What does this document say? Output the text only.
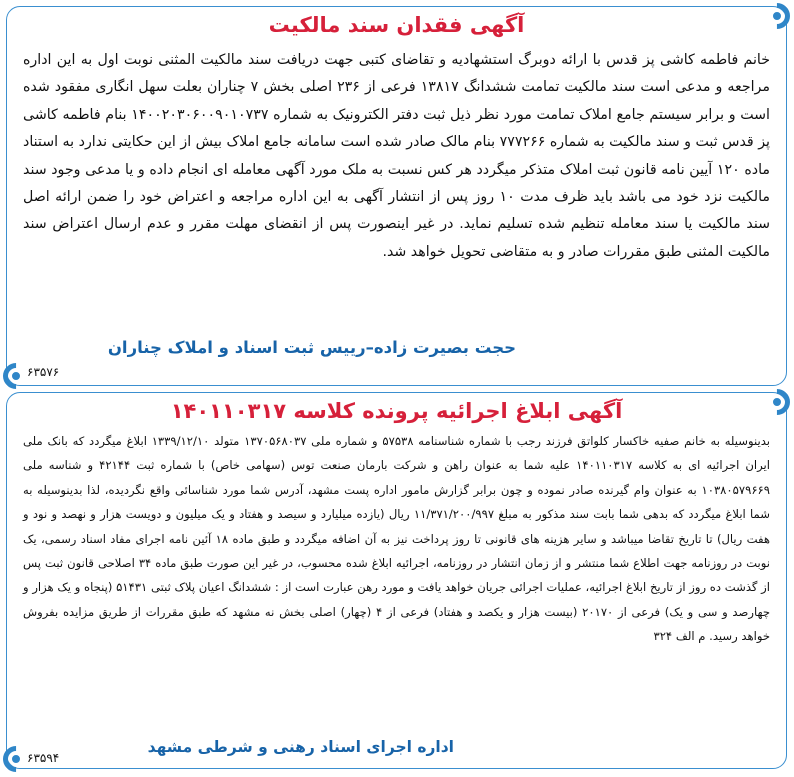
آگهی فقدان سند مالکیت

خانم فاطمه کاشی پز قدس با ارائه دوبرگ استشهادیه و تقاضای کتبی جهت دریافت سند مالکیت المثنی نوبت اول به این اداره مراجعه و مدعی است سند مالکیت تمامت ششدانگ ۱۳۸۱۷ فرعی از ۲۳۶ اصلی بخش ۷ چناران بعلت سهل انگاری مفقود شده است و برابر سیستم جامع املاک تمامت مورد نظر ذیل ثبت دفتر الکترونیک به شماره ۱۴۰۰۲۰۳۰۶۰۰۹۰۱۰۷۳۷ بنام فاطمه کاشی پز قدس ثبت و سند مالکیت به شماره ۷۷۷۲۶۶ بنام مالک صادر شده است سامانه جامع املاک بیش از این حکایتی ندارد به استناد ماده ۱۲۰ آیین نامه قانون ثبت املاک متذکر میگردد هر کس نسبت به ملک مورد آگهی معامله ای انجام داده و یا مدعی وجود سند مالکیت نزد خود می باشد باید ظرف مدت ۱۰ روز پس از انتشار آگهی به این اداره مراجعه و اعتراض خود را ضمن ارائه اصل سند مالکیت یا سند معامله تنظیم شده تسلیم نماید. در غیر اینصورت پس از انقضای مهلت مقرر و عدم ارسال اعتراض سند مالکیت المثنی طبق مقررات صادر و به متقاضی تحویل خواهد شد.

حجت بصیرت زاده–رییس ثبت اسناد و املاک چناران
۶۳۵۷۶
آگهی ابلاغ اجرائیه پرونده کلاسه ۱۴۰۱۱۰۳۱۷

بدینوسیله به خانم صفیه خاکسار کلواتق فرزند رجب با شماره شناسنامه ۵۷۵۳۸ و شماره ملی ۱۳۷۰۵۶۸۰۳۷ متولد ۱۳۳۹/۱۲/۱۰ ابلاغ میگردد که بانک ملی ایران اجرائیه ای به کلاسه ۱۴۰۱۱۰۳۱۷ علیه شما به عنوان راهن و شرکت بارمان صنعت توس (سهامی خاص) با شماره ثبت ۴۲۱۴۴ و شناسه ملی ۱۰۳۸۰۵۷۹۶۶۹ به عنوان وام گیرنده صادر نموده و چون برابر گزارش مامور اداره پست مشهد، آدرس شما مورد شناسائی واقع نگردیده، لذا بدینوسیله به شما ابلاغ میگردد که بدهی شما بابت سند مذکور به مبلغ ۱۱/۳۷۱/۲۰۰/۹۹۷ ریال (یازده میلیارد و سیصد و هفتاد و یک میلیون و دویست هزار و نهصد و نود و هفت ریال) تا تاریخ تقاضا میباشد و سایر هزینه های قانونی تا روز پرداخت نیز به آن اضافه میگردد و طبق ماده ۱۸ آئین نامه اجرای مفاد اسناد رسمی، یک نوبت در روزنامه جهت اطلاع شما منتشر و از زمان انتشار در روزنامه، اجرائیه ابلاغ شده محسوب، در غیر این صورت طبق ماده ۳۴ اصلاحی قانون ثبت پس از گذشت ده روز از تاریخ ابلاغ اجرائیه، عملیات اجرائی جریان خواهد یافت و مورد رهن عبارت است از : ششدانگ اعیان پلاک ثبتی ۵۱۴۳۱ (پنجاه و یک هزار و چهارصد و سی و یک) فرعی از ۲۰۱۷۰ (بیست هزار و یکصد و هفتاد) فرعی از ۴ (چهار) اصلی بخش نه مشهد که طبق مقررات از طریق مزایده بفروش خواهد رسید. م الف ۳۲۴

اداره اجرای اسناد رهنی و شرطی مشهد
۶۳۵۹۴
